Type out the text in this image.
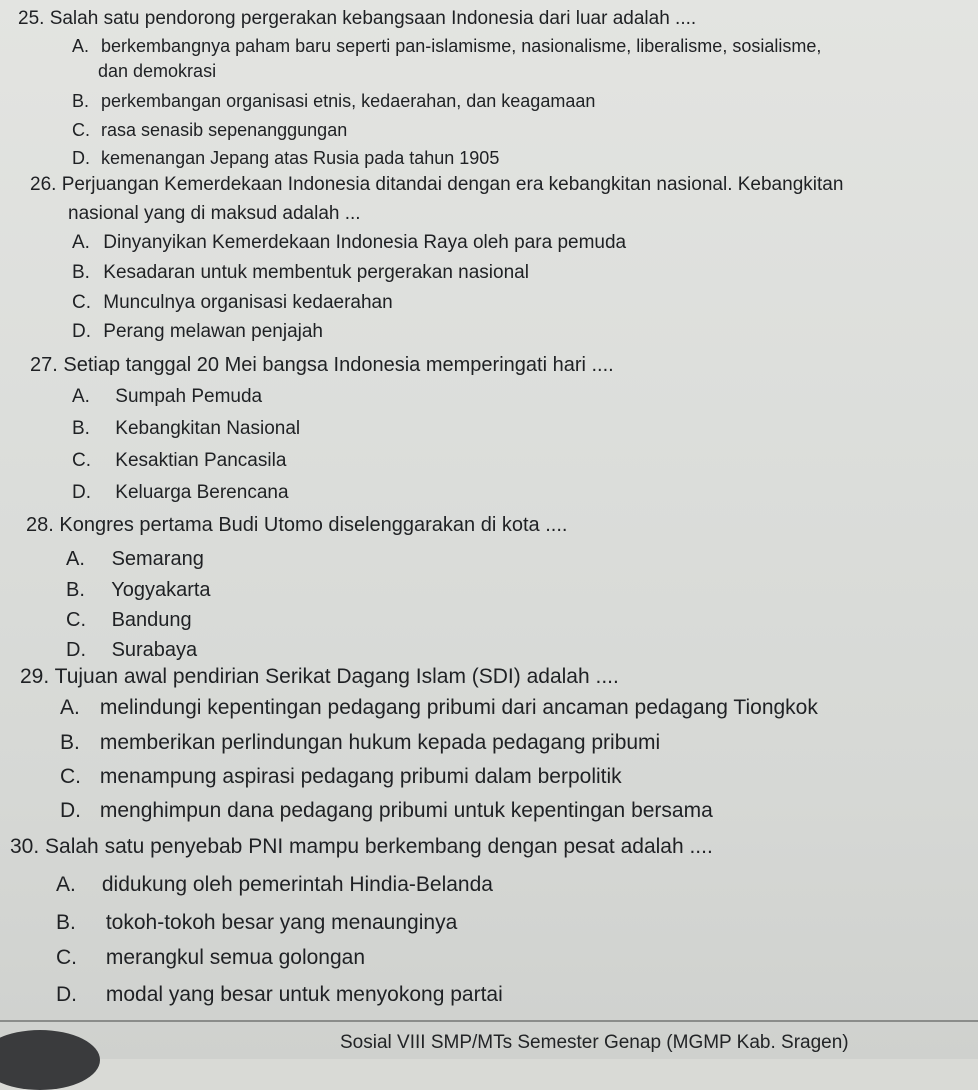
25. Salah satu pendorong pergerakan kebangsaan Indonesia dari luar adalah ....
A. berkembangnya paham baru seperti pan-islamisme, nasionalisme, liberalisme, sosialisme,
dan demokrasi
B. perkembangan organisasi etnis, kedaerahan, dan keagamaan
C. rasa senasib sepenanggungan
D. kemenangan Jepang atas Rusia pada tahun 1905
26. Perjuangan Kemerdekaan Indonesia ditandai dengan era kebangkitan nasional. Kebangkitan
nasional yang di maksud adalah ...
A. Dinyanyikan Kemerdekaan Indonesia Raya oleh para pemuda
B. Kesadaran untuk membentuk pergerakan nasional
C. Munculnya organisasi kedaerahan
D. Perang melawan penjajah
27. Setiap tanggal 20 Mei bangsa Indonesia memperingati hari ....
A. Sumpah Pemuda
B. Kebangkitan Nasional
C. Kesaktian Pancasila
D. Keluarga Berencana
28. Kongres pertama Budi Utomo diselenggarakan di kota ....
A. Semarang
B. Yogyakarta
C. Bandung
D. Surabaya
29. Tujuan awal pendirian Serikat Dagang Islam (SDI) adalah ....
A. melindungi kepentingan pedagang pribumi dari ancaman pedagang Tiongkok
B. memberikan perlindungan hukum kepada pedagang pribumi
C. menampung aspirasi pedagang pribumi dalam berpolitik
D. menghimpun dana pedagang pribumi untuk kepentingan bersama
30. Salah satu penyebab PNI mampu berkembang dengan pesat adalah ....
A. didukung oleh pemerintah Hindia-Belanda
B. tokoh-tokoh besar yang menaunginya
C. merangkul semua golongan
D. modal yang besar untuk menyokong partai
Sosial VIII SMP/MTs Semester Genap (MGMP Kab. Sragen)
